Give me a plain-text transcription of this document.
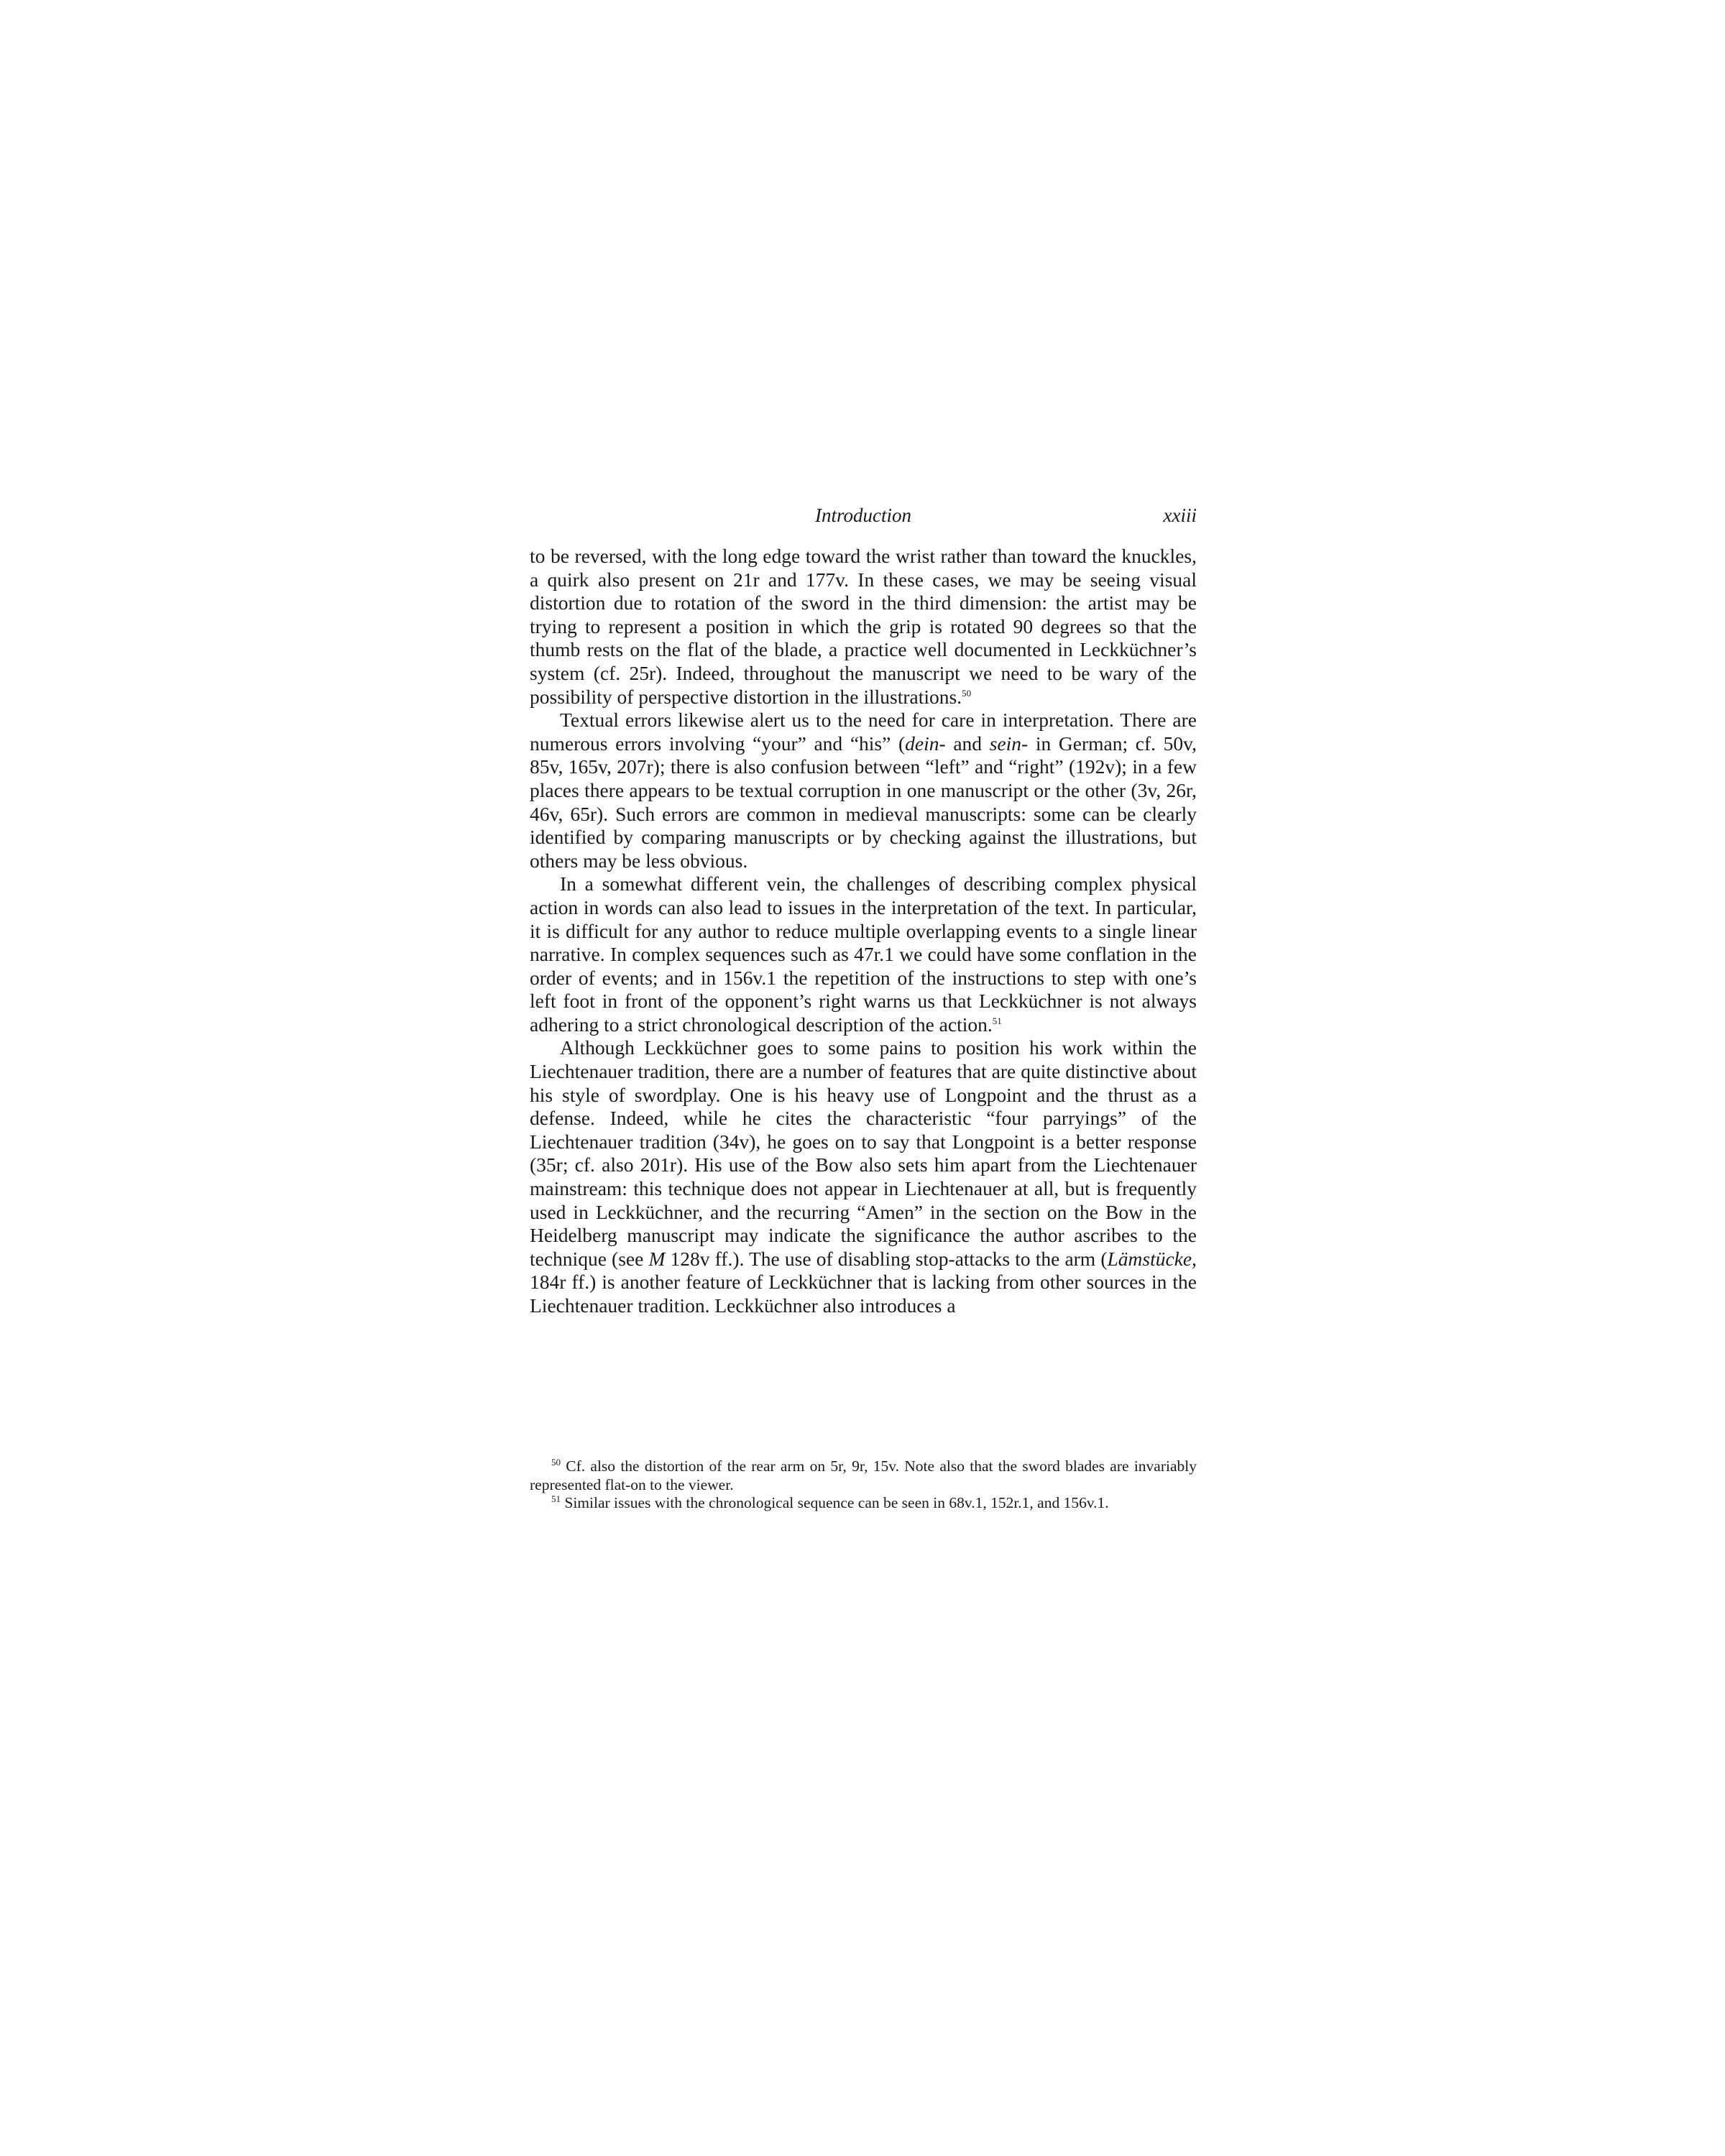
Introduction	xxiii

to be reversed, with the long edge toward the wrist rather than toward the knuckles, a quirk also present on 21r and 177v. In these cases, we may be seeing visual distortion due to rotation of the sword in the third dimension: the artist may be trying to represent a position in which the grip is rotated 90 degrees so that the thumb rests on the flat of the blade, a practice well documented in Leckküchner’s system (cf. 25r). Indeed, throughout the manuscript we need to be wary of the possibility of perspective distortion in the illustrations.$^{50}$

Textual errors likewise alert us to the need for care in interpretation. There are numerous errors involving “your” and “his” (dein- and sein- in German; cf. 50v, 85v, 165v, 207r); there is also confusion between “left” and “right” (192v); in a few places there appears to be textual corruption in one manuscript or the other (3v, 26r, 46v, 65r). Such errors are common in medieval manuscripts: some can be clearly identified by comparing manuscripts or by checking against the illustrations, but others may be less obvious.

In a somewhat different vein, the challenges of describing complex physical action in words can also lead to issues in the interpretation of the text. In particular, it is difficult for any author to reduce multiple overlapping events to a single linear narrative. In complex sequences such as 47r.1 we could have some conflation in the order of events; and in 156v.1 the repetition of the instructions to step with one’s left foot in front of the opponent’s right warns us that Leckküchner is not always adhering to a strict chronological description of the action.$^{51}$

Although Leckküchner goes to some pains to position his work within the Liechtenauer tradition, there are a number of features that are quite distinctive about his style of swordplay. One is his heavy use of Longpoint and the thrust as a defense. Indeed, while he cites the characteristic “four parryings” of the Liechtenauer tradition (34v), he goes on to say that Longpoint is a better response (35r; cf. also 201r). His use of the Bow also sets him apart from the Liechtenauer mainstream: this technique does not appear in Liechtenauer at all, but is frequently used in Leckküchner, and the recurring “Amen” in the section on the Bow in the Heidelberg manuscript may indicate the significance the author ascribes to the technique (see M 128v ff.). The use of disabling stop-attacks to the arm (Lämstücke, 184r ff.) is another feature of Leckküchner that is lacking from other sources in the Liechtenauer tradition. Leckküchner also introduces a

$^{50}$ Cf. also the distortion of the rear arm on 5r, 9r, 15v. Note also that the sword blades are invariably represented flat-on to the viewer.

$^{51}$ Similar issues with the chronological sequence can be seen in 68v.1, 152r.1, and 156v.1.
